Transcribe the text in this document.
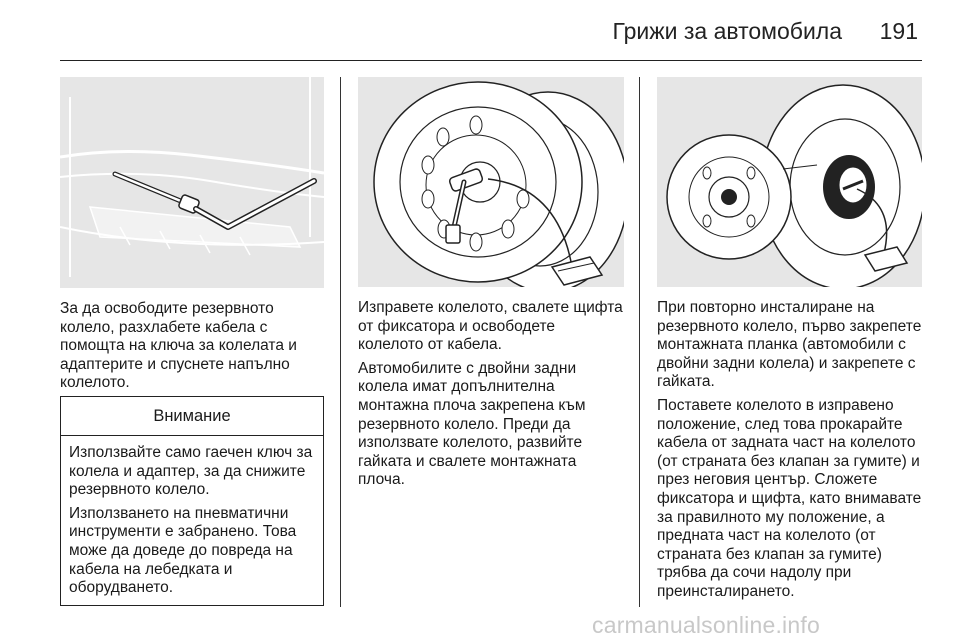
Грижи за автомобила 191

За да освободите резервното колело, разхлабете кабела с помощта на ключа за колелата и адаптерите и спуснете напълно колелото.

Внимание

Използвайте само гаечен ключ за колела и адаптер, за да снижите резервното колело.

Използването на пневматични инструменти е забранено. Това може да доведе до повреда на кабела на лебедката и оборудването.

Изправете колелото, свалете щифта от фиксатора и освободете колелото от кабела.

Автомобилите с двойни задни колела имат допълнителна монтажна плоча закрепена към резервното колело. Преди да използвате колелото, развийте гайката и свалете монтажната плоча.

При повторно инсталиране на резервното колело, първо закрепете монтажната планка (автомобили с двойни задни колела) и закрепете с гайката.

Поставете колелото в изправено положение, след това прокарайте кабела от задната част на колелото (от страната без клапан за гумите) и през неговия център. Сложете фиксатора и щифта, като внимавате за правилното му положение, а предната част на колелото (от страната без клапан за гумите) трябва да сочи надолу при преинсталирането.

carmanualsonline.info
